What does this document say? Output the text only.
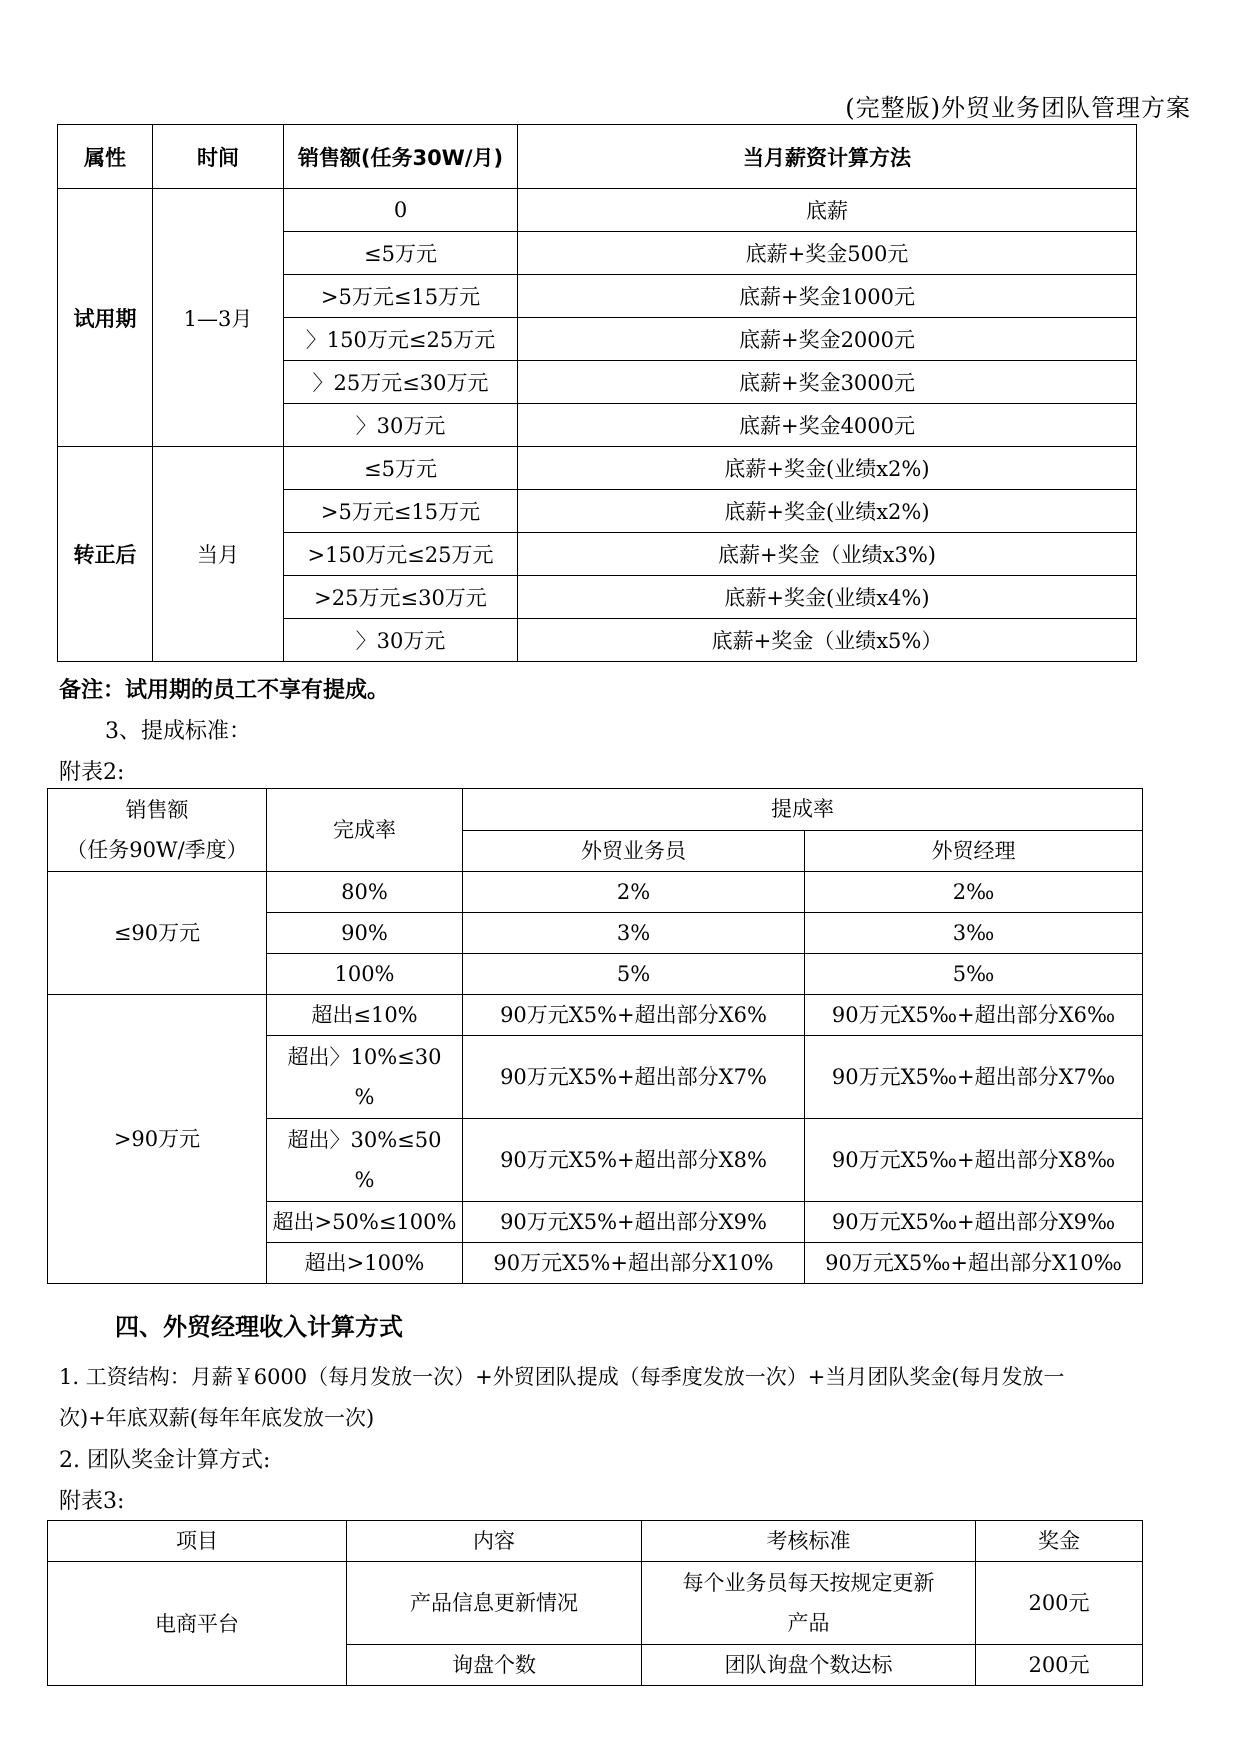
(完整版)外贸业务团队管理方案
属性	时间	销售额(任务30W/月)	当月薪资计算方法
试用期	1—3月	0	底薪
		≤5万元	底薪+奖金500元
		>5万元≤15万元	底薪+奖金1000元
		〉150万元≤25万元	底薪+奖金2000元
		〉25万元≤30万元	底薪+奖金3000元
		〉30万元	底薪+奖金4000元
转正后	当月	≤5万元	底薪+奖金(业绩x2%)
		>5万元≤15万元	底薪+奖金(业绩x2%)
		>150万元≤25万元	底薪+奖金（业绩x3%)
		>25万元≤30万元	底薪+奖金(业绩x4%)
		〉30万元	底薪+奖金（业绩x5%）
备注：试用期的员工不享有提成。
3、提成标准：
附表2:
销售额
（任务90W/季度）	完成率	提成率	
		外贸业务员	外贸经理
≤90万元	80%	2%	2‰
	90%	3%	3‰
	100%	5%	5‰
>90万元	超出≤10%	90万元X5%+超出部分X6%	90万元X5‰+超出部分X6‰

	超出〉10%≤30
%	90万元X5%+超出部分X7%	90万元X5‰+超出部分X7‰

	超出〉30%≤50
%	90万元X5%+超出部分X8%	90万元X5‰+超出部分X8‰
	超出>50%≤100%	90万元X5%+超出部分X9%	90万元X5‰+超出部分X9‰
	超出>100%	90万元X5%+超出部分X10%	90万元X5‰+超出部分X10‰
四、外贸经理收入计算方式
1. 工资结构：月薪￥6000（每月发放一次）+外贸团队提成（每季度发放一次）+当月团队奖金(每月发放一
次)+年底双薪(每年年底发放一次)
2. 团队奖金计算方式:
附表3:
项目	内容	考核标准	奖金
电商平台	产品信息更新情况	每个业务员每天按规定更新
产品	200元
	询盘个数	团队询盘个数达标	200元
